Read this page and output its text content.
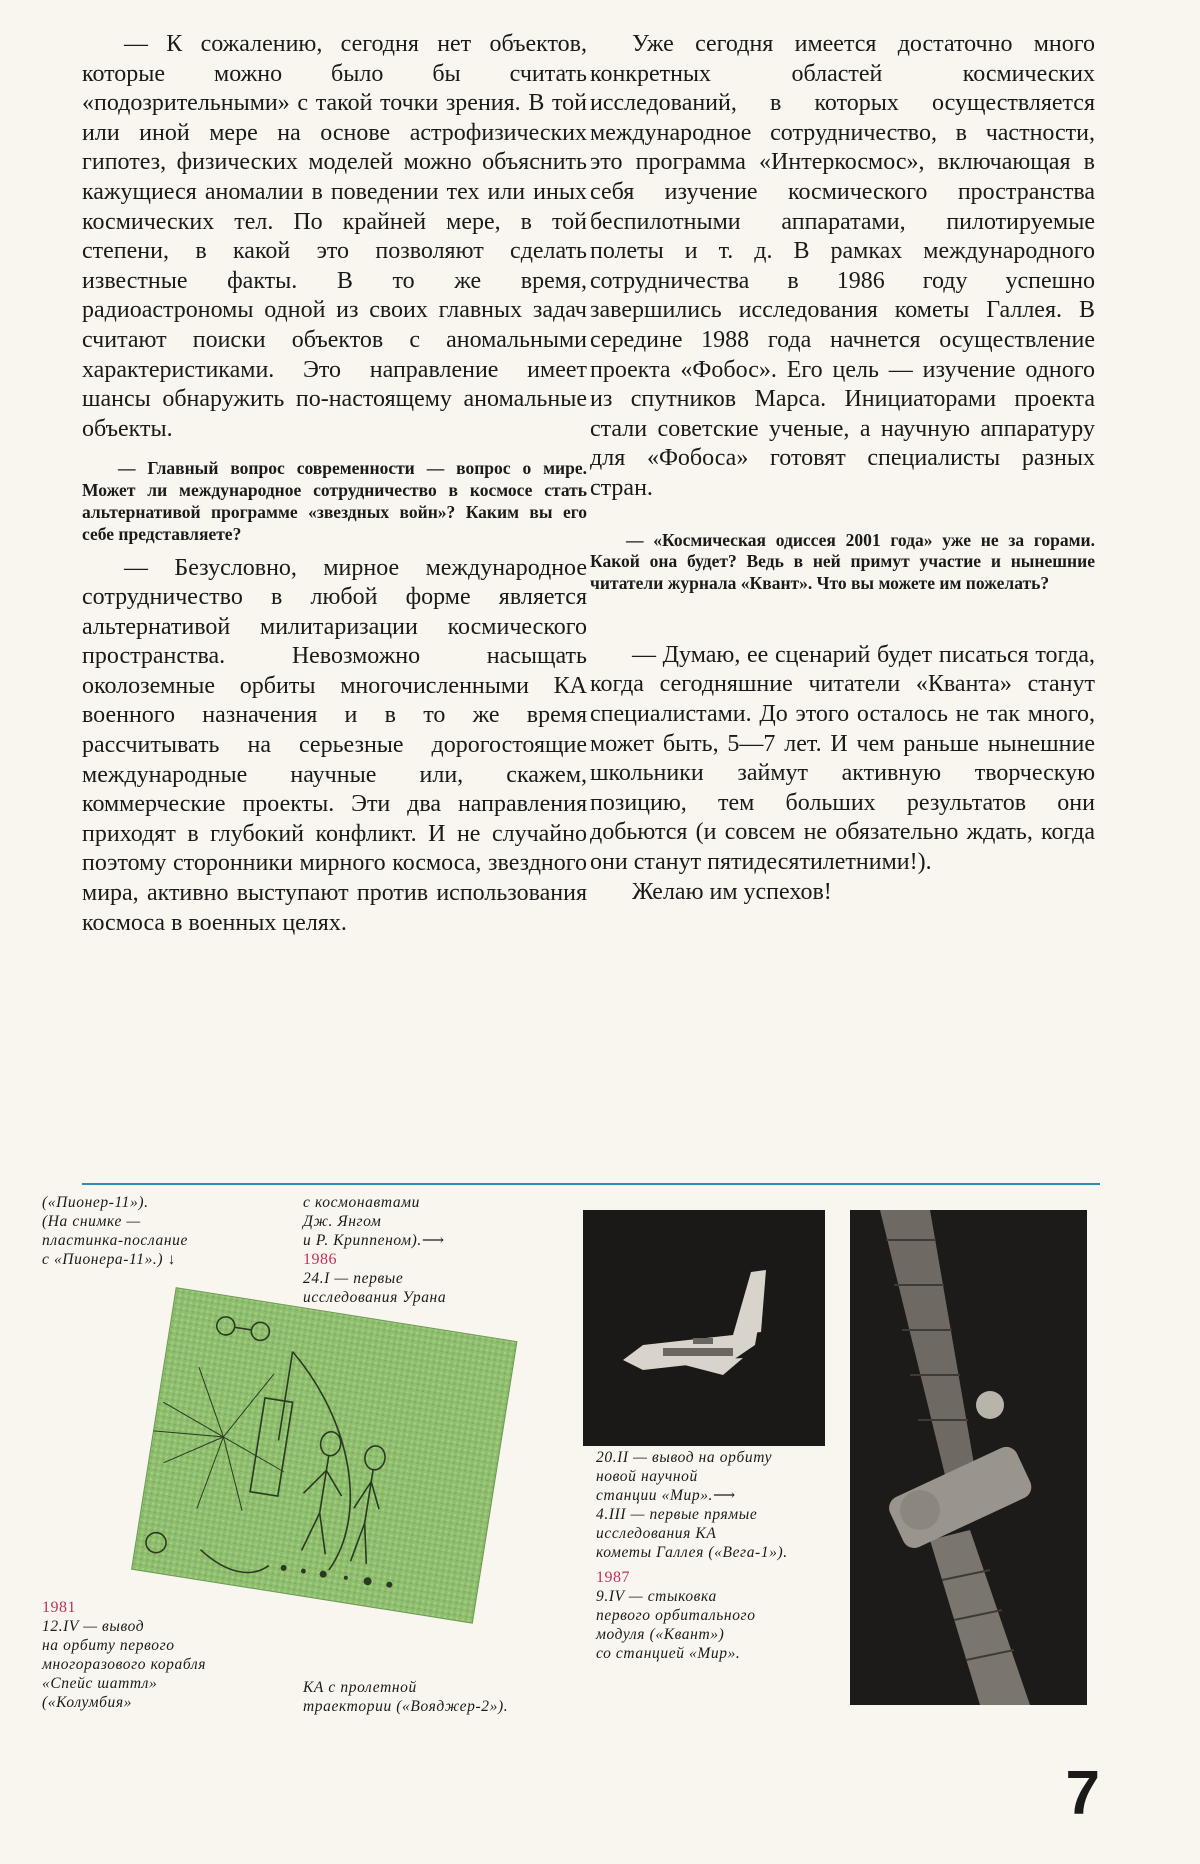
— К сожалению, сегодня нет объектов, которые можно было бы считать «подозрительными» с такой точки зрения. В той или иной мере на основе астрофизических гипотез, физических моделей можно объяснить кажущиеся аномалии в поведении тех или иных космических тел. По крайней мере, в той степени, в какой это позволяют сделать известные факты. В то же время, радиоастрономы одной из своих главных задач считают поиски объектов с аномальными характеристиками. Это направление имеет шансы обнаружить по-настоящему аномальные объекты.

— Главный вопрос современности — вопрос о мире. Может ли международное сотрудничество в космосе стать альтернативой программе «звездных войн»? Каким вы его себе представляете?

— Безусловно, мирное международное сотрудничество в любой форме является альтернативой милитаризации космического пространства. Невозможно насыщать околоземные орбиты многочисленными КА военного назначения и в то же время рассчитывать на серьезные дорогостоящие международные научные или, скажем, коммерческие проекты. Эти два направления приходят в глубокий конфликт. И не случайно поэтому сторонники мирного космоса, звездного мира, активно выступают против использования космоса в военных целях.

Уже сегодня имеется достаточно много конкретных областей космических исследований, в которых осуществляется международное сотрудничество, в частности, это программа «Интеркосмос», включающая в себя изучение космического пространства беспилотными аппаратами, пилотируемые полеты и т. д. В рамках международного сотрудничества в 1986 году успешно завершились исследования кометы Галлея. В середине 1988 года начнется осуществление проекта «Фобос». Его цель — изучение одного из спутников Марса. Инициаторами проекта стали советские ученые, а научную аппаратуру для «Фобоса» готовят специалисты разных стран.

— «Космическая одиссея 2001 года» уже не за горами. Какой она будет? Ведь в ней примут участие и нынешние читатели журнала «Квант». Что вы можете им пожелать?

— Думаю, ее сценарий будет писаться тогда, когда сегодняшние читатели «Кванта» станут специалистами. До этого осталось не так много, может быть, 5—7 лет. И чем раньше нынешние школьники займут активную творческую позицию, тем больших результатов они добьются (и совсем не обязательно ждать, когда они станут пятидесятилетними!).

Желаю им успехов!

(«Пионер-11»).
(На снимке —
пластинка-послание
с «Пионера-11».) ↓
с космонавтами
Дж. Янгом
и Р. Криппеном).⟶
1986
24.I — первые
исследования Урана
1981
12.IV — вывод
на орбиту первого
многоразового корабля
«Спейс шаттл»
(«Колумбия»
КА с пролетной
траектории («Вояджер-2»).
20.II — вывод на орбиту
новой научной
станции «Мир».⟶
4.III — первые прямые
исследования КА
кометы Галлея («Вега-1»).
1987
9.IV — стыковка
первого орбитального
модуля («Квант»)
со станцией «Мир».
7
